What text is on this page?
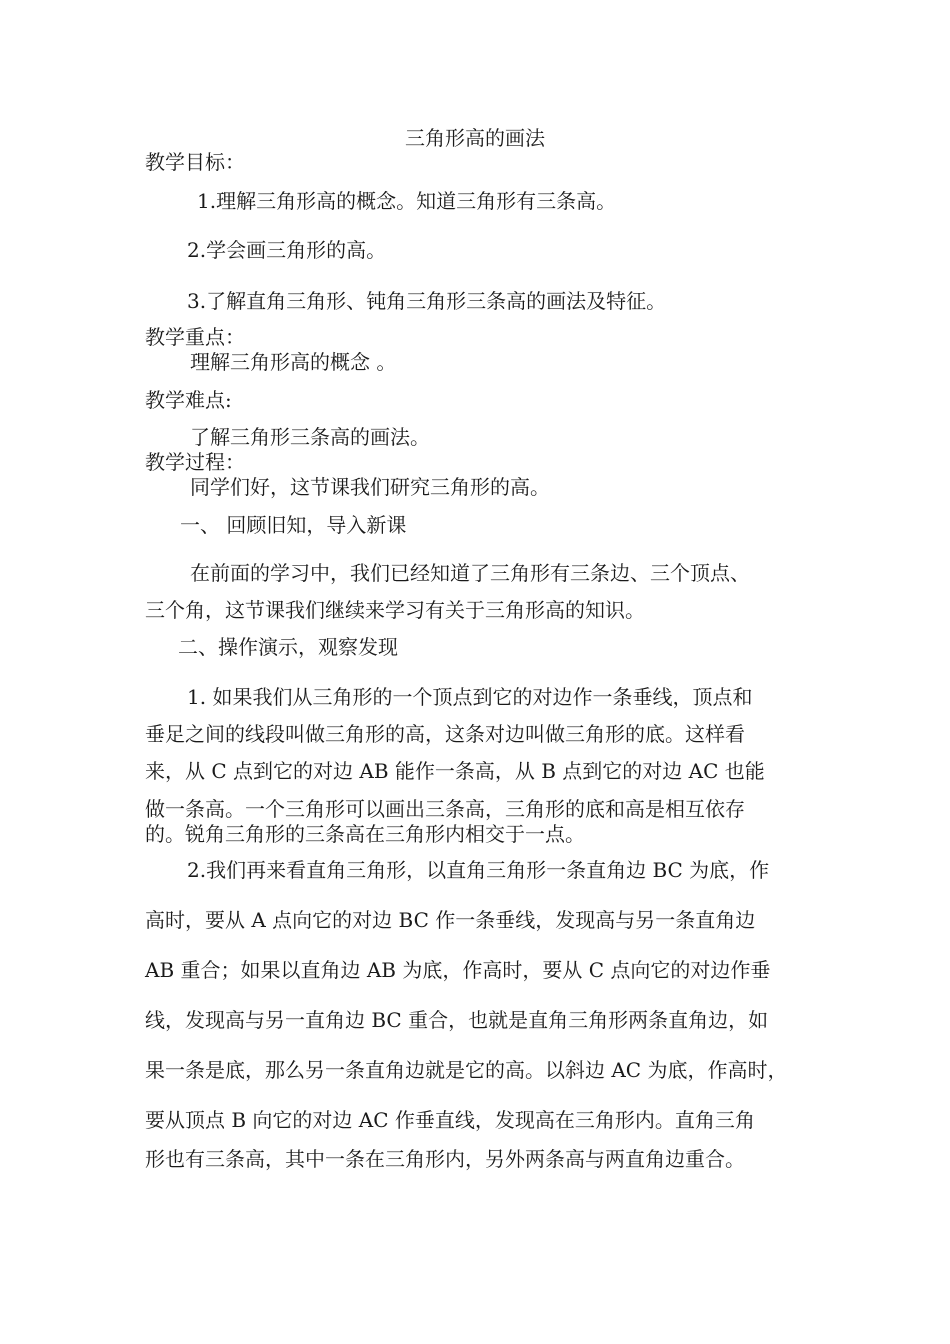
三角形高的画法
教学目标：
1.理解三角形高的概念。知道三角形有三条高。
2.学会画三角形的高。
3.了解直角三角形、钝角三角形三条高的画法及特征。
教学重点：
理解三角形高的概念 。
教学难点:
了解三角形三条高的画法。
教学过程：
同学们好，这节课我们研究三角形的高。
一、 回顾旧知，导入新课
在前面的学习中，我们已经知道了三角形有三条边、三个顶点、
三个角，这节课我们继续来学习有关于三角形高的知识。
二、操作演示，观察发现
1. 如果我们从三角形的一个顶点到它的对边作一条垂线，顶点和
垂足之间的线段叫做三角形的高，这条对边叫做三角形的底。这样看
来，从 C 点到它的对边 AB 能作一条高，从 B 点到它的对边 AC 也能
做一条高。一个三角形可以画出三条高，三角形的底和高是相互依存
的。锐角三角形的三条高在三角形内相交于一点。
2.我们再来看直角三角形，以直角三角形一条直角边 BC 为底，作
高时，要从 A 点向它的对边 BC 作一条垂线，发现高与另一条直角边
AB 重合；如果以直角边 AB 为底，作高时，要从 C 点向它的对边作垂
线，发现高与另一直角边 BC 重合，也就是直角三角形两条直角边，如
果一条是底，那么另一条直角边就是它的高。以斜边 AC 为底，作高时，
要从顶点 B 向它的对边 AC 作垂直线，发现高在三角形内。直角三角
形也有三条高，其中一条在三角形内，另外两条高与两直角边重合。
